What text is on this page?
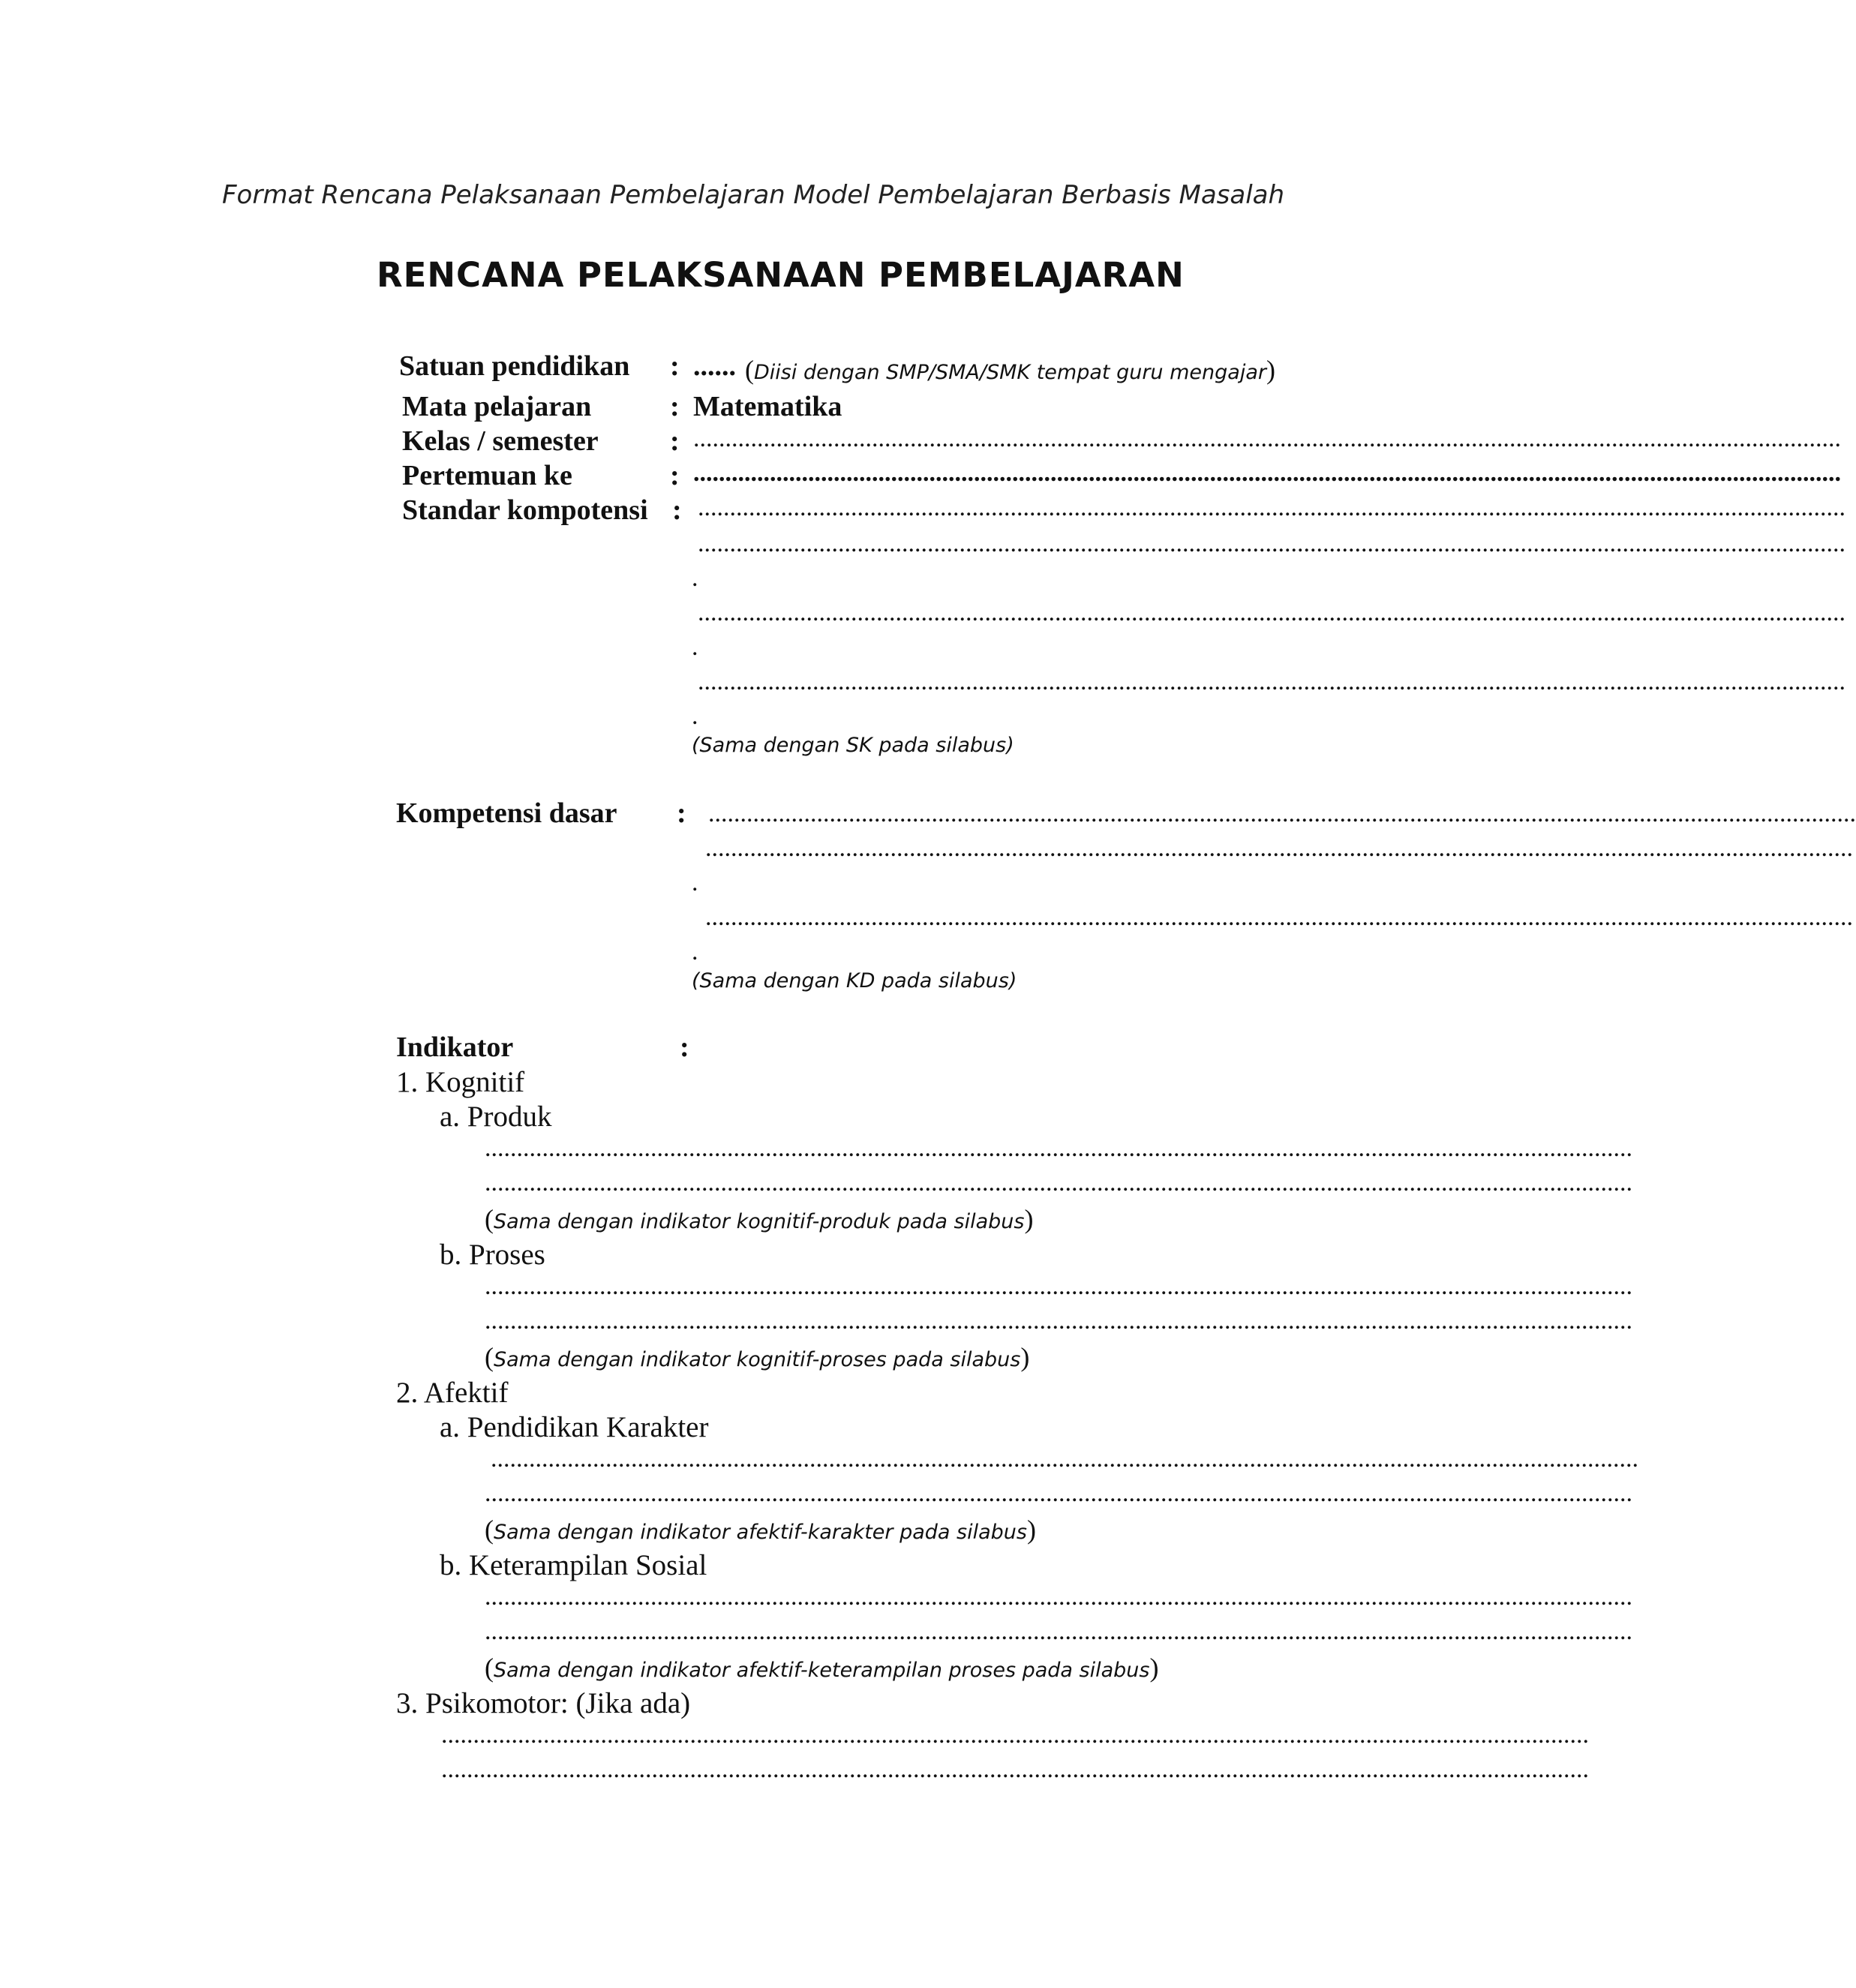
Format Rencana Pelaksanaan Pembelajaran Model Pembelajaran Berbasis Masalah
RENCANA PELAKSANAAN PEMBELAJARAN
Satuan pendidikan : ...... (Diisi dengan SMP/SMA/SMK tempat guru mengajar)
Mata pelajaran	: Matematika
Kelas / semester	: ....................................................................................................................................................................................
Pertemuan ke	: ....................................................................................................................................................................................
Standar kompotensi : ....................................................................................................................................................................................
....................................................................................................................................................................................
.
....................................................................................................................................................................................
.
....................................................................................................................................................................................
.
(Sama dengan SK pada silabus)
Kompetensi dasar : ....................................................................................................................................................................................
....................................................................................................................................................................................
.
....................................................................................................................................................................................
.
(Sama dengan KD pada silabus)
Indikator	:
1. Kognitif
a. Produk
....................................................................................................................................................................................
....................................................................................................................................................................................
(Sama dengan indikator kognitif-produk pada silabus)
b. Proses
....................................................................................................................................................................................
....................................................................................................................................................................................
(Sama dengan indikator kognitif-proses pada silabus)
2. Afektif
a. Pendidikan Karakter
....................................................................................................................................................................................
....................................................................................................................................................................................
(Sama dengan indikator afektif-karakter pada silabus)
b. Keterampilan Sosial
....................................................................................................................................................................................
....................................................................................................................................................................................
(Sama dengan indikator afektif-keterampilan proses pada silabus)
3. Psikomotor: (Jika ada)
....................................................................................................................................................................................
....................................................................................................................................................................................
